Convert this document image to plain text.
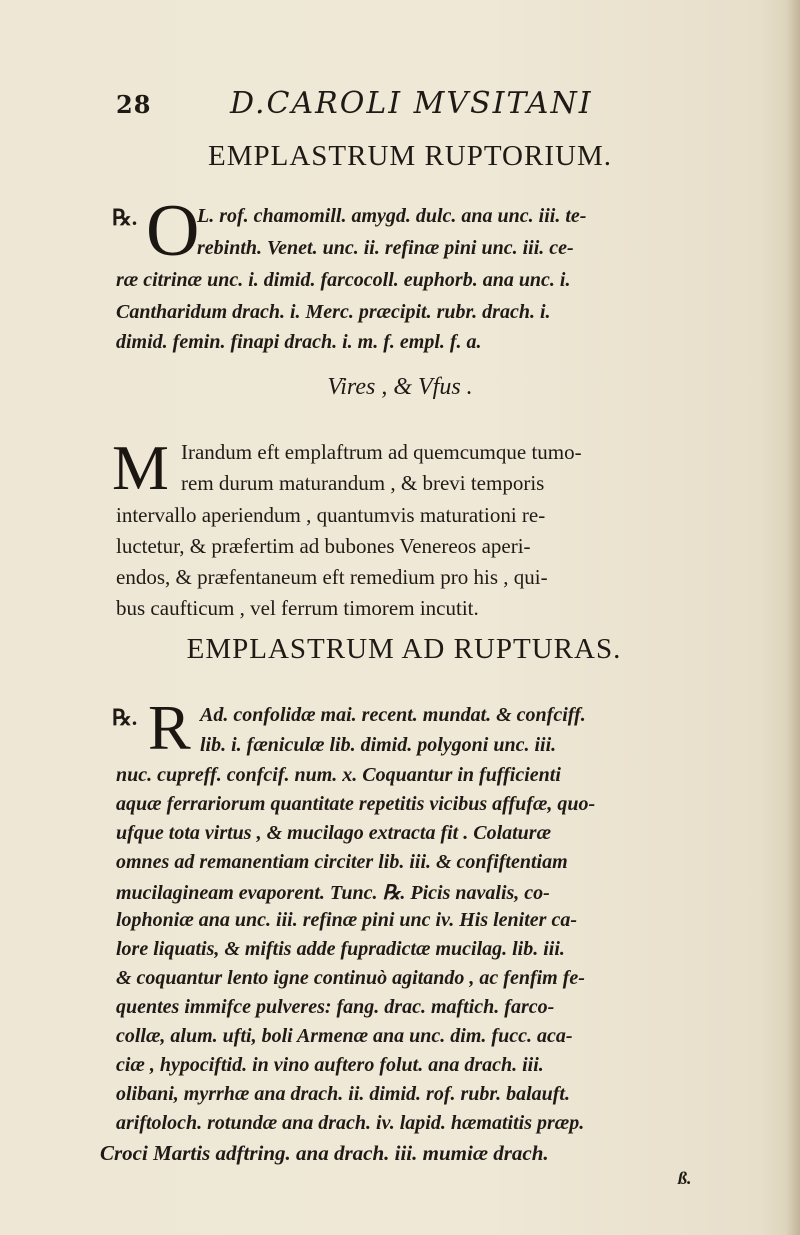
28	D.CAROLI MVSITANI
EMPLASTRUM RUPTORIUM.
℞. O
L. rof. chamomill. amygd. dulc. ana unc. iii. te-
rebinth. Venet. unc. ii. refinæ pini unc. iii. ce-
ræ citrinæ unc. i. dimid. farcocoll. euphorb. ana unc. i.
Cantharidum drach. i. Merc. præcipit. rubr. drach. i.
dimid. femin. finapi drach. i. m. f. empl. f. a.
Vires , & Vfus .
M Irandum eft emplaftrum ad quemcumque tumo-
rem durum maturandum , & brevi temporis
intervallo aperiendum , quantumvis maturationi re-
luctetur, & præfertim ad bubones Venereos aperi-
endos, & præfentaneum eft remedium pro his , qui-
bus caufticum , vel ferrum timorem incutit.
EMPLASTRUM AD RUPTURAS.
℞. R Ad. confolidæ mai. recent. mundat. & confciff.
lib. i. fæniculæ lib. dimid. polygoni unc. iii.
nuc. cupreff. confcif. num. x. Coquantur in fufficienti
aquæ ferrariorum quantitate repetitis vicibus affufæ, quo-
ufque tota virtus , & mucilago extracta fit . Colaturæ
omnes ad remanentiam circiter lib. iii. & confiftentiam
mucilagineam evaporent. Tunc. ℞. Picis navalis, co-
lophoniæ ana unc. iii. refinæ pini unc iv. His leniter ca-
lore liquatis, & miftis adde fupradictæ mucilag. lib. iii.
& coquantur lento igne continuò agitando , ac fenfim fe-
quentes immifce pulveres: fang. drac. maftich. farco-
collæ, alum. ufti, boli Armenæ ana unc. dim. fucc. aca-
ciæ , hypociftid. in vino auftero folut. ana drach. iii.
olibani, myrrhæ ana drach. ii. dimid. rof. rubr. balauft.
ariftoloch. rotundæ ana drach. iv. lapid. hæmatitis præp.
Croci Martis adftring. ana drach. iii. mumiæ drach.
ß.
